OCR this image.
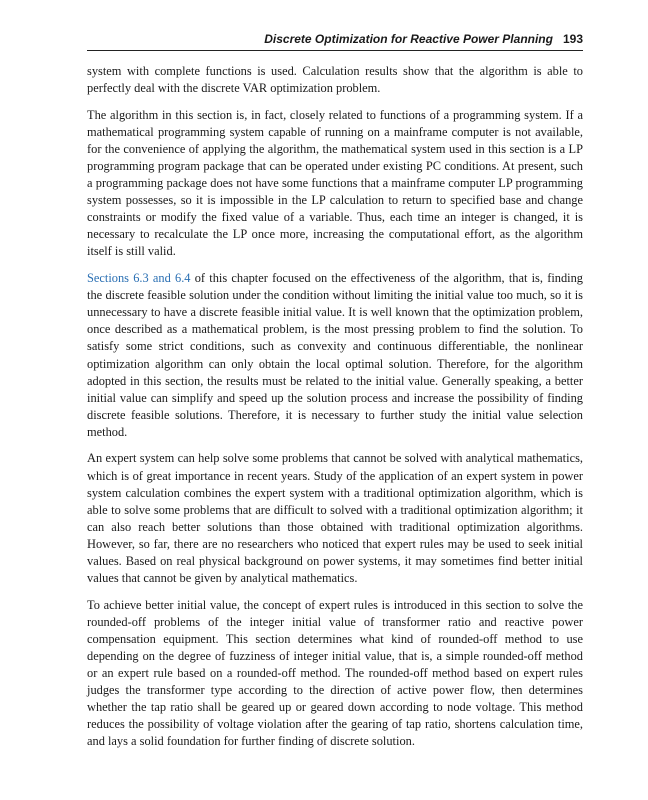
Discrete Optimization for Reactive Power Planning 193

system with complete functions is used. Calculation results show that the algorithm is able to perfectly deal with the discrete VAR optimization problem.

The algorithm in this section is, in fact, closely related to functions of a programming system. If a mathematical programming system capable of running on a mainframe computer is not available, for the convenience of applying the algorithm, the mathematical system used in this section is a LP programming program package that can be operated under existing PC conditions. At present, such a programming package does not have some functions that a mainframe computer LP programming system possesses, so it is impossible in the LP calculation to return to specified base and change constraints or modify the fixed value of a variable. Thus, each time an integer is changed, it is necessary to recalculate the LP once more, increasing the computational effort, as the algorithm itself is still valid.

Sections 6.3 and 6.4 of this chapter focused on the effectiveness of the algorithm, that is, finding the discrete feasible solution under the condition without limiting the initial value too much, so it is unnecessary to have a discrete feasible initial value. It is well known that the optimization problem, once described as a mathematical problem, is the most pressing problem to find the solution. To satisfy some strict conditions, such as convexity and continuous differentiable, the nonlinear optimization algorithm can only obtain the local optimal solution. Therefore, for the algorithm adopted in this section, the results must be related to the initial value. Generally speaking, a better initial value can simplify and speed up the solution process and increase the possibility of finding discrete feasible solutions. Therefore, it is necessary to further study the initial value selection method.

An expert system can help solve some problems that cannot be solved with analytical mathematics, which is of great importance in recent years. Study of the application of an expert system in power system calculation combines the expert system with a traditional optimization algorithm, which is able to solve some problems that are difficult to solved with a traditional optimization algorithm; it can also reach better solutions than those obtained with traditional optimization algorithms. However, so far, there are no researchers who noticed that expert rules may be used to seek initial values. Based on real physical background on power systems, it may sometimes find better initial values that cannot be given by analytical mathematics.

To achieve better initial value, the concept of expert rules is introduced in this section to solve the rounded-off problems of the integer initial value of transformer ratio and reactive power compensation equipment. This section determines what kind of rounded-off method to use depending on the degree of fuzziness of integer initial value, that is, a simple rounded-off method or an expert rule based on a rounded-off method. The rounded-off method based on expert rules judges the transformer type according to the direction of active power flow, then determines whether the tap ratio shall be geared up or geared down according to node voltage. This method reduces the possibility of voltage violation after the gearing of tap ratio, shortens calculation time, and lays a solid foundation for further finding of discrete solution.
